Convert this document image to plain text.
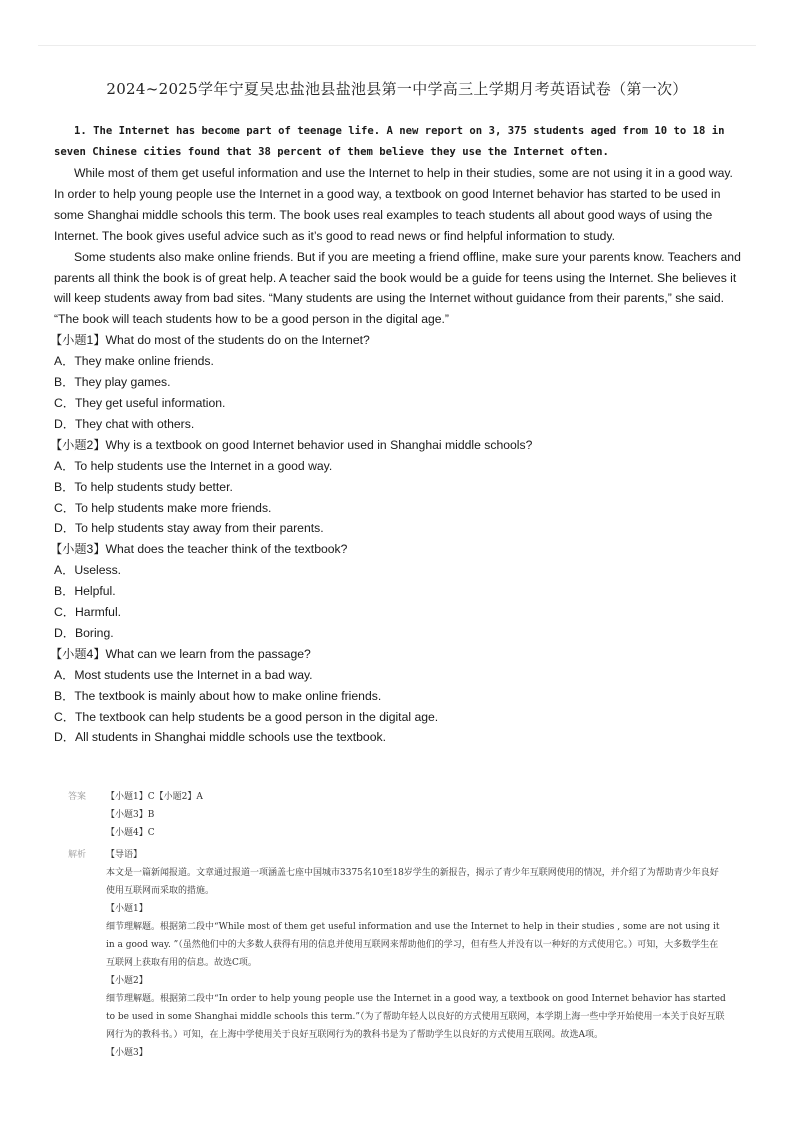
2024~2025学年宁夏吴忠盐池县盐池县第一中学高三上学期月考英语试卷（第一次）

1. The Internet has become part of teenage life. A new report on 3, 375 students aged from 10 to 18 in seven Chinese cities found that 38 percent of them believe they use the Internet often.

While most of them get useful information and use the Internet to help in their studies, some are not using it in a good way. In order to help young people use the Internet in a good way, a textbook on good Internet behavior has started to be used in some Shanghai middle schools this term. The book uses real examples to teach students all about good ways of using the Internet. The book gives useful advice such as it’s good to read news or find helpful information to study.

Some students also make online friends. But if you are meeting a friend offline, make sure your parents know. Teachers and parents all think the book is of great help. A teacher said the book would be a guide for teens using the Internet. She believes it will keep students away from bad sites. “Many students are using the Internet without guidance from their parents,” she said. “The book will teach students how to be a good person in the digital age.”

【小题1】What do most of the students do on the Internet?

A．They make online friends.

B．They play games.

C．They get useful information.

D．They chat with others.

【小题2】Why is a textbook on good Internet behavior used in Shanghai middle schools?

A．To help students use the Internet in a good way.

B．To help students study better.

C．To help students make more friends.

D．To help students stay away from their parents.

【小题3】What does the teacher think of the textbook?

A．Useless.

B．Helpful.

C．Harmful.

D．Boring.

【小题4】What can we learn from the passage?

A．Most students use the Internet in a bad way.

B．The textbook is mainly about how to make online friends.

C．The textbook can help students be a good person in the digital age.

D．All students in Shanghai middle schools use the textbook.

答案	【小题1】C【小题2】A
【小题3】B
【小题4】C
解析	【导语】
本文是一篇新闻报道。文章通过报道一项涵盖七座中国城市3375名10至18岁学生的新报告，揭示了青少年互联网使用的情况，并介绍了为帮助青少年良好使用互联网而采取的措施。
【小题1】
细节理解题。根据第二段中“While most of them get useful information and use the Internet to help in their studies , some are not using it in a good way. ”（虽然他们中的大多数人获得有用的信息并使用互联网来帮助他们的学习，但有些人并没有以一种好的方式使用它。）可知，大多数学生在互联网上获取有用的信息。故选C项。
【小题2】
细节理解题。根据第二段中“In order to help young people use the Internet in a good way, a textbook on good Internet behavior has started to be used in some Shanghai middle schools this term.”（为了帮助年轻人以良好的方式使用互联网，本学期上海一些中学开始使用一本关于良好互联网行为的教科书。）可知，在上海中学使用关于良好互联网行为的教科书是为了帮助学生以良好的方式使用互联网。故选A项。
【小题3】
